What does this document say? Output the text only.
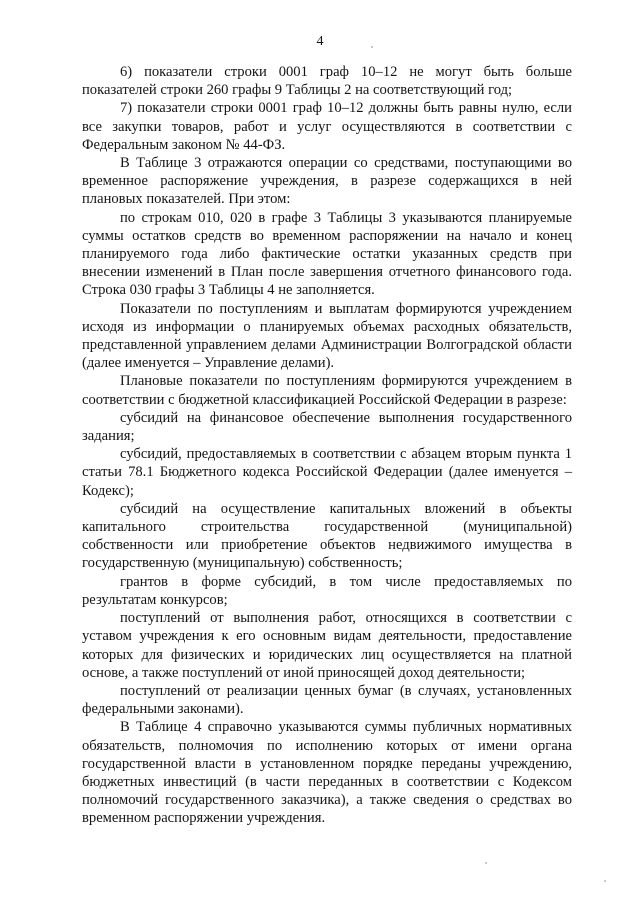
4

6) показатели строки 0001 граф 10–12 не могут быть больше показателей строки 260 графы 9 Таблицы 2 на соответствующий год;

7) показатели строки 0001 граф 10–12 должны быть равны нулю, если все закупки товаров, работ и услуг осуществляются в соответствии с Федеральным законом № 44-ФЗ.

В Таблице 3 отражаются операции со средствами, поступающими во временное распоряжение учреждения, в разрезе содержащихся в ней плановых показателей. При этом:

по строкам 010, 020 в графе 3 Таблицы 3 указываются планируемые суммы остатков средств во временном распоряжении на начало и конец планируемого года либо фактические остатки указанных средств при внесении изменений в План после завершения отчетного финансового года. Строка 030 графы 3 Таблицы 4 не заполняется.

Показатели по поступлениям и выплатам формируются учреждением исходя из информации о планируемых объемах расходных обязательств, представленной управлением делами Администрации Волгоградской области (далее именуется – Управление делами).

Плановые показатели по поступлениям формируются учреждением в соответствии с бюджетной классификацией Российской Федерации в разрезе:

субсидий на финансовое обеспечение выполнения государственного задания;

субсидий, предоставляемых в соответствии с абзацем вторым пункта 1 статьи 78.1 Бюджетного кодекса Российской Федерации (далее именуется – Кодекс);

субсидий на осуществление капитальных вложений в объекты капитального строительства государственной (муниципальной) собственности или приобретение объектов недвижимого имущества в государственную (муниципальную) собственность;

грантов в форме субсидий, в том числе предоставляемых по результатам конкурсов;

поступлений от выполнения работ, относящихся в соответствии с уставом учреждения к его основным видам деятельности, предоставление которых для физических и юридических лиц осуществляется на платной основе, а также поступлений от иной приносящей доход деятельности;

поступлений от реализации ценных бумаг (в случаях, установленных федеральными законами).

В Таблице 4 справочно указываются суммы публичных нормативных обязательств, полномочия по исполнению которых от имени органа государственной власти в установленном порядке переданы учреждению, бюджетных инвестиций (в части переданных в соответствии с Кодексом полномочий государственного заказчика), а также сведения о средствах во временном распоряжении учреждения.
